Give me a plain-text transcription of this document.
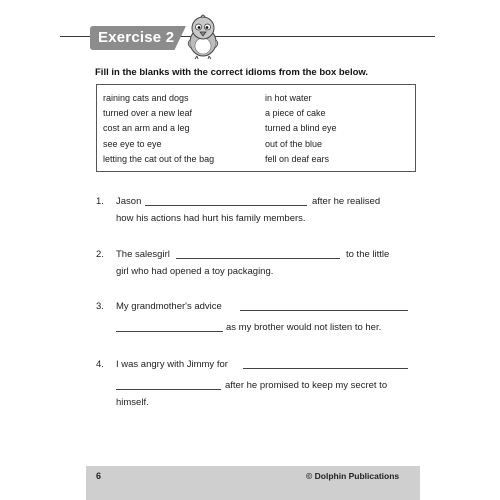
Exercise 2
Fill in the blanks with the correct idioms from the box below.
raining cats and dogs
turned over a new leaf
cost an arm and a leg
see eye to eye
letting the cat out of the bag
in hot water
a piece of cake
turned a blind eye
out of the blue
fell on deaf ears
1. Jason	after he realised
how his actions had hurt his family members.
2. The salesgirl	to the little
girl who had opened a toy packaging.
3. My grandmother's advice
as my brother would not listen to her.
4. I was angry with Jimmy for
after he promised to keep my secret to
himself.
6	© Dolphin Publications
